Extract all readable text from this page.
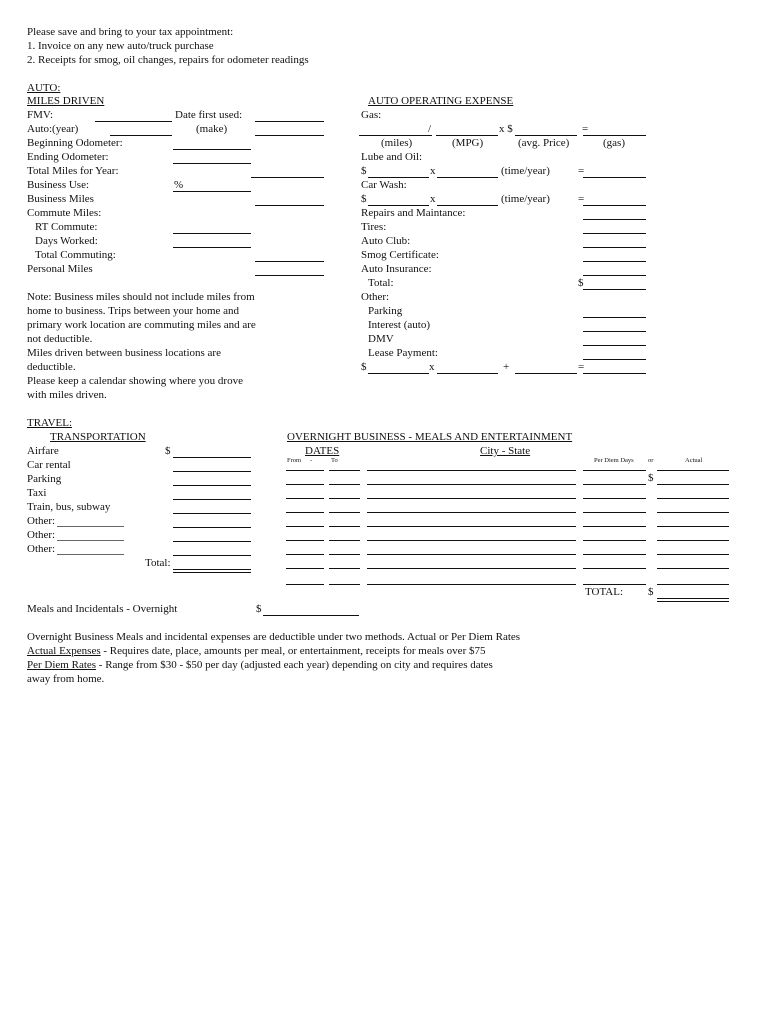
Please save and bring to your tax appointment:
1. Invoice on any new auto/truck purchase
2. Receipts for smog, oil changes, repairs for odometer readings
AUTO:
MILES DRIVEN
FMV:	Date first used:
Auto:(year)	(make)
Beginning Odometer:
Ending Odometer:
Total Miles for Year:
Business Use:	%
Business Miles
Commute Miles:
RT Commute:
Days Worked:
Total Commuting:
Personal Miles
Note: Business miles should not include miles from
home to business. Trips between your home and
primary work location are commuting miles and are
not deductible.
Miles driven between business locations are
deductible.
Please keep a calendar showing where you drove
with miles driven.
AUTO OPERATING EXPENSE
Gas:
/	x $	=
(miles)	(MPG)	(avg. Price)	(gas)
Lube and Oil:
$	x	(time/year)	=
Car Wash:
$	x	(time/year)	=
Repairs and Maintance:
Tires:
Auto Club:
Smog Certificate:
Auto Insurance:
Total:	$
Other:
Parking
Interest (auto)
DMV
Lease Payment:
$	x	+	=
TRAVEL:
TRANSPORTATION
Airfare	$
Car rental
Parking
Taxi
Train, bus, subway
Other:
Other:
Other:
Total:
OVERNIGHT BUSINESS - MEALS AND ENTERTAINMENT
DATES	City - State
From -	To	Per Diem Days or	Actual
$
TOTAL: $
Meals and Incidentals - Overnight	$
Overnight Business Meals and incidental expenses are deductible under two methods. Actual or Per Diem Rates
Actual Expenses - Requires date, place, amounts per meal, or entertainment, receipts for meals over $75
Per Diem Rates - Range from $30 - $50 per day (adjusted each year) depending on city and requires dates
away from home.
